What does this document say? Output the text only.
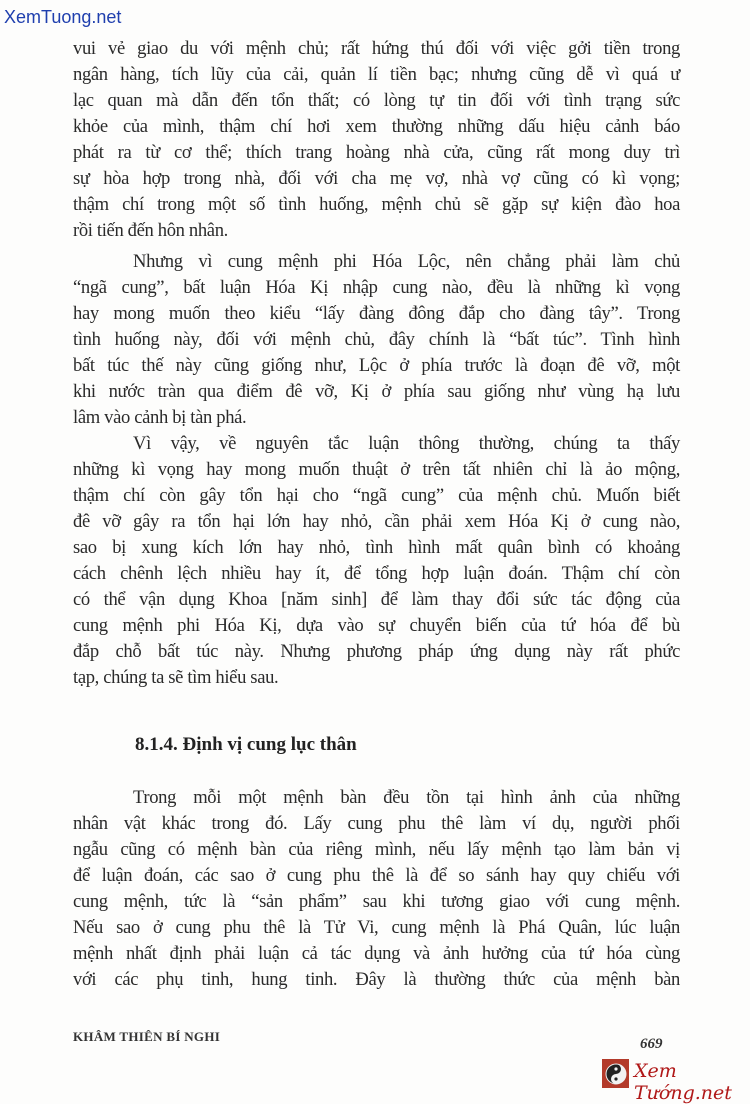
XemTuong.net
vui vẻ giao du với mệnh chủ; rất hứng thú đối với việc gởi tiền trong
ngân hàng, tích lũy của cải, quản lí tiền bạc; nhưng cũng dễ vì quá ư
lạc quan mà dẫn đến tổn thất; có lòng tự tin đối với tình trạng sức
khỏe của mình, thậm chí hơi xem thường những dấu hiệu cảnh báo
phát ra từ cơ thể; thích trang hoàng nhà cửa, cũng rất mong duy trì
sự hòa hợp trong nhà, đối với cha mẹ vợ, nhà vợ cũng có kì vọng;
thậm chí trong một số tình huống, mệnh chủ sẽ gặp sự kiện đào hoa
rồi tiến đến hôn nhân.
Nhưng vì cung mệnh phi Hóa Lộc, nên chẳng phải làm chủ
“ngã cung”, bất luận Hóa Kị nhập cung nào, đều là những kì vọng
hay mong muốn theo kiểu “lấy đàng đông đắp cho đàng tây”. Trong
tình huống này, đối với mệnh chủ, đây chính là “bất túc”. Tình hình
bất túc thế này cũng giống như, Lộc ở phía trước là đoạn đê vỡ, một
khi nước tràn qua điểm đê vỡ, Kị ở phía sau giống như vùng hạ lưu
lâm vào cảnh bị tàn phá.
Vì vậy, về nguyên tắc luận thông thường, chúng ta thấy
những kì vọng hay mong muốn thuật ở trên tất nhiên chỉ là ảo mộng,
thậm chí còn gây tổn hại cho “ngã cung” của mệnh chủ. Muốn biết
đê vỡ gây ra tổn hại lớn hay nhỏ, cần phải xem Hóa Kị ở cung nào,
sao bị xung kích lớn hay nhỏ, tình hình mất quân bình có khoảng
cách chênh lệch nhiều hay ít, để tổng hợp luận đoán. Thậm chí còn
có thể vận dụng Khoa [năm sinh] để làm thay đổi sức tác động của
cung mệnh phi Hóa Kị, dựa vào sự chuyển biến của tứ hóa để bù
đắp chỗ bất túc này. Nhưng phương pháp ứng dụng này rất phức
tạp, chúng ta sẽ tìm hiểu sau.
8.1.4. Định vị cung lục thân
Trong mỗi một mệnh bàn đều tồn tại hình ảnh của những
nhân vật khác trong đó. Lấy cung phu thê làm ví dụ, người phối
ngẫu cũng có mệnh bàn của riêng mình, nếu lấy mệnh tạo làm bản vị
để luận đoán, các sao ở cung phu thê là để so sánh hay quy chiếu với
cung mệnh, tức là “sản phẩm” sau khi tương giao với cung mệnh.
Nếu sao ở cung phu thê là Tử Vi, cung mệnh là Phá Quân, lúc luận
mệnh nhất định phải luận cả tác dụng và ảnh hưởng của tứ hóa cùng
với các phụ tinh, hung tinh. Đây là thường thức của mệnh bàn
KHÂM THIÊN BÍ NGHI	669
Xem Tướng.net
